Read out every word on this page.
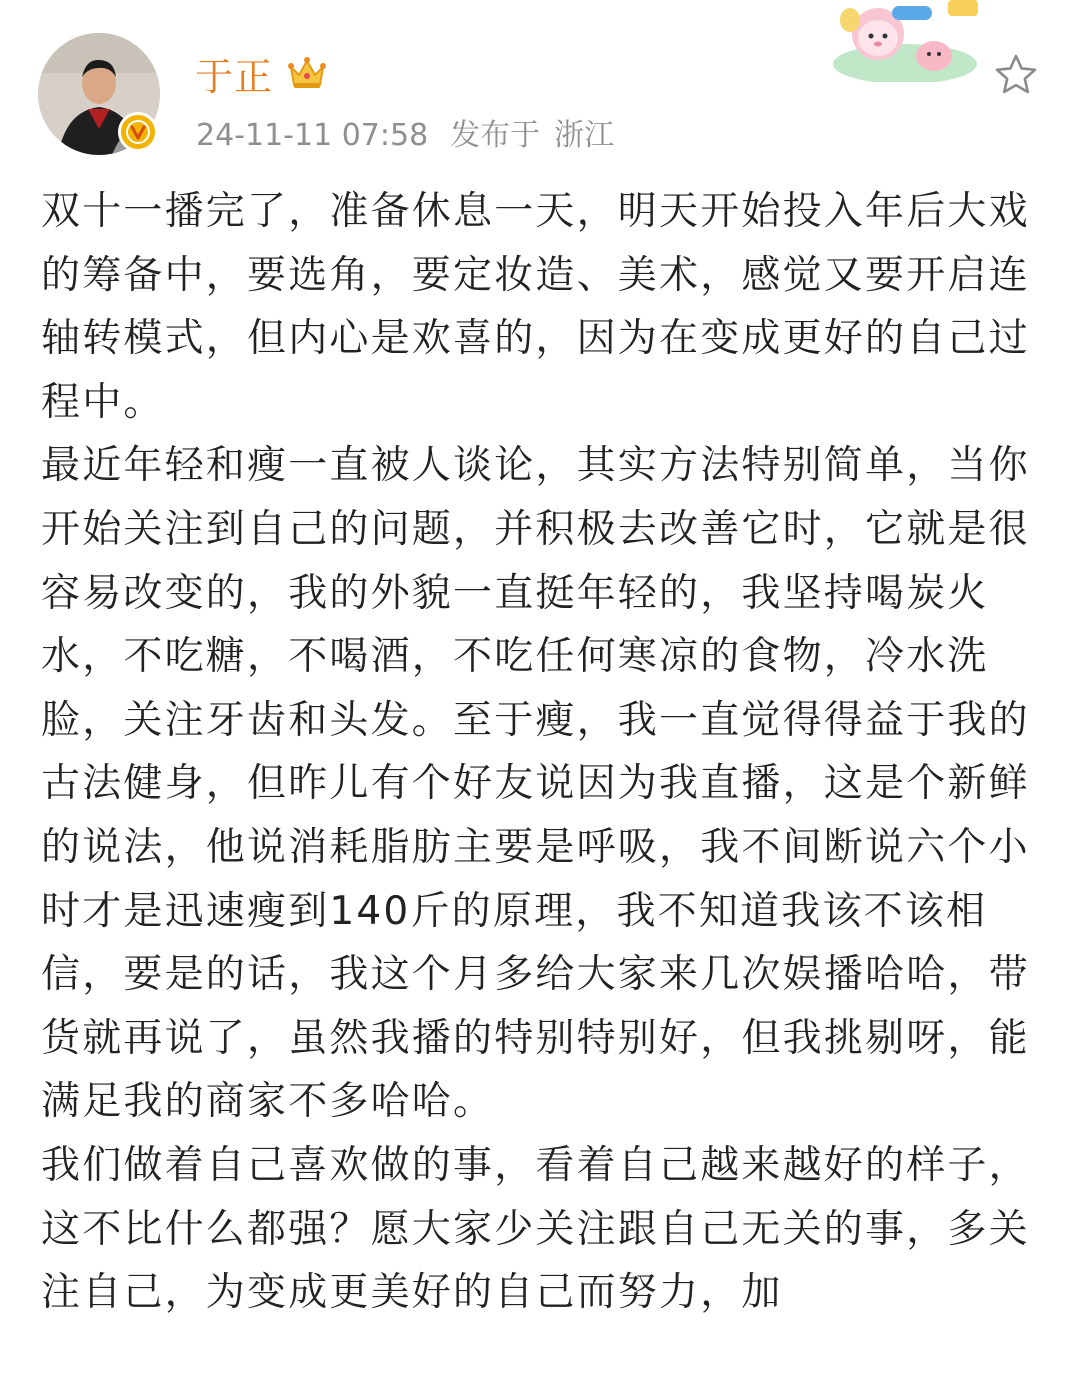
于正
24-11-11 07:58 发布于 浙江

双十一播完了，准备休息一天，明天开始投入年后大戏的筹备中，要选角，要定妆造、美术，感觉又要开启连轴转模式，但内心是欢喜的，因为在变成更好的自己过程中。

最近年轻和瘦一直被人谈论，其实方法特别简单，当你开始关注到自己的问题，并积极去改善它时，它就是很容易改变的，我的外貌一直挺年轻的，我坚持喝炭火水，不吃糖，不喝酒，不吃任何寒凉的食物，冷水洗脸，关注牙齿和头发。至于瘦，我一直觉得得益于我的古法健身，但昨儿有个好友说因为我直播，这是个新鲜的说法，他说消耗脂肪主要是呼吸，我不间断说六个小时才是迅速瘦到140斤的原理，我不知道我该不该相信，要是的话，我这个月多给大家来几次娱播哈哈，带货就再说了，虽然我播的特别特别好，但我挑剔呀，能满足我的商家不多哈哈。

我们做着自己喜欢做的事，看着自己越来越好的样子，这不比什么都强？愿大家少关注跟自己无关的事，多关注自己，为变成更美好的自己而努力，加
